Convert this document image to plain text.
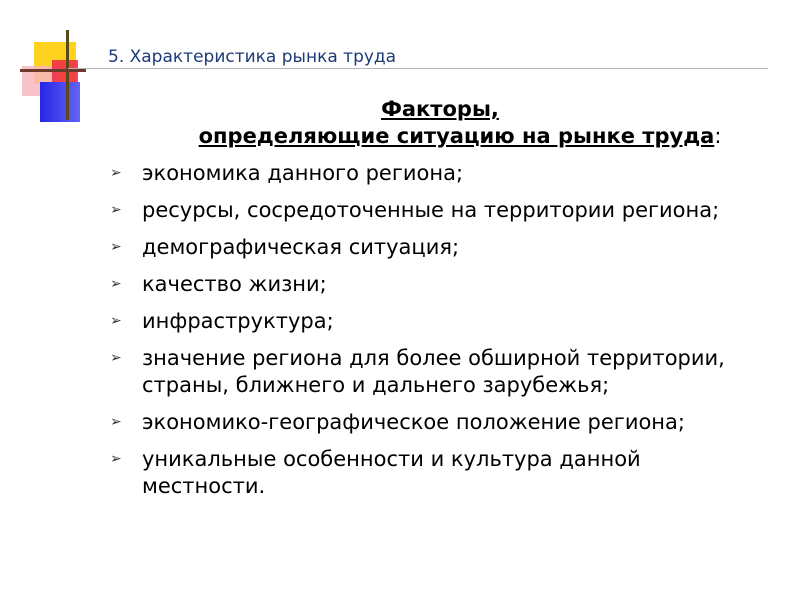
5. Характеристика рынка труда
Факторы,
определяющие ситуацию на рынке труда:
➢ экономика данного региона;
➢ ресурсы, сосредоточенные на территории региона;
➢ демографическая ситуация;
➢ качество жизни;
➢ инфраструктура;
➢ значение региона для более обширной территории, страны, ближнего и дальнего зарубежья;
➢ экономико-географическое положение региона;
➢ уникальные особенности и культура данной местности.
